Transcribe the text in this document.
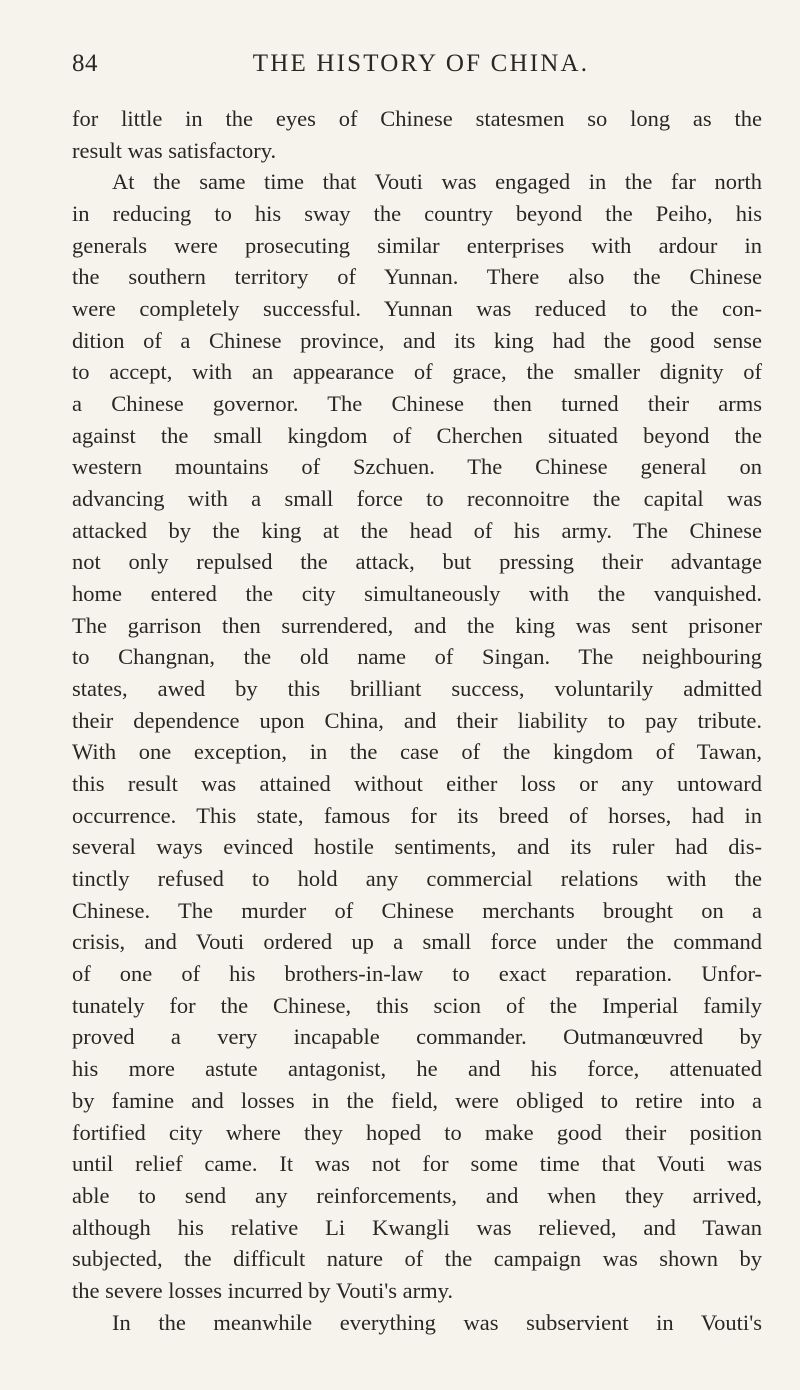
84	THE HISTORY OF CHINA.
for little in the eyes of Chinese statesmen so long as the
result was satisfactory.
At the same time that Vouti was engaged in the far north
in reducing to his sway the country beyond the Peiho, his
generals were prosecuting similar enterprises with ardour in
the southern territory of Yunnan. There also the Chinese
were completely successful. Yunnan was reduced to the con-
dition of a Chinese province, and its king had the good sense
to accept, with an appearance of grace, the smaller dignity of
a Chinese governor. The Chinese then turned their arms
against the small kingdom of Cherchen situated beyond the
western mountains of Szchuen. The Chinese general on
advancing with a small force to reconnoitre the capital was
attacked by the king at the head of his army. The Chinese
not only repulsed the attack, but pressing their advantage
home entered the city simultaneously with the vanquished.
The garrison then surrendered, and the king was sent prisoner
to Changnan, the old name of Singan. The neighbouring
states, awed by this brilliant success, voluntarily admitted
their dependence upon China, and their liability to pay tribute.
With one exception, in the case of the kingdom of Tawan,
this result was attained without either loss or any untoward
occurrence. This state, famous for its breed of horses, had in
several ways evinced hostile sentiments, and its ruler had dis-
tinctly refused to hold any commercial relations with the
Chinese. The murder of Chinese merchants brought on a
crisis, and Vouti ordered up a small force under the command
of one of his brothers-in-law to exact reparation. Unfor-
tunately for the Chinese, this scion of the Imperial family
proved a very incapable commander. Outmanœuvred by
his more astute antagonist, he and his force, attenuated
by famine and losses in the field, were obliged to retire into a
fortified city where they hoped to make good their position
until relief came. It was not for some time that Vouti was
able to send any reinforcements, and when they arrived,
although his relative Li Kwangli was relieved, and Tawan
subjected, the difficult nature of the campaign was shown by
the severe losses incurred by Vouti's army.
In the meanwhile everything was subservient in Vouti's
